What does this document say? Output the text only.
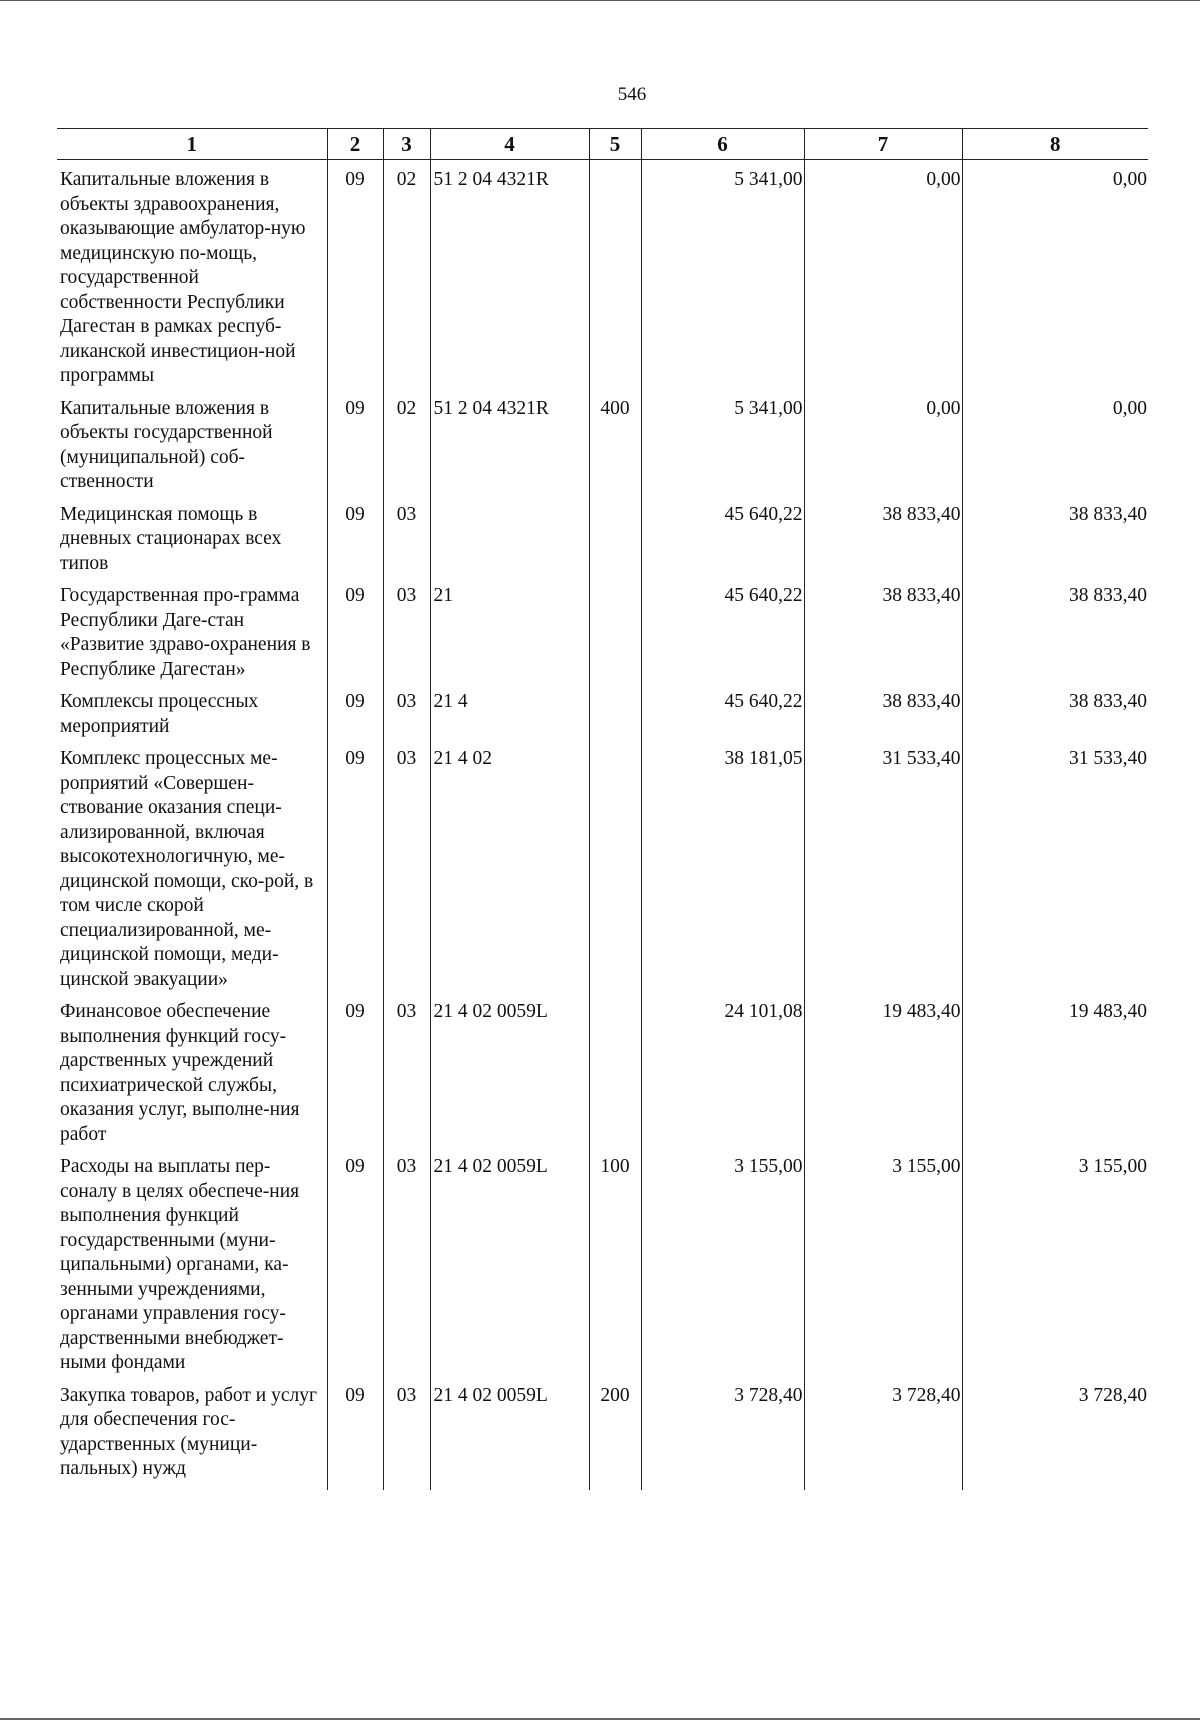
546
1	2	3	4	5	6	7	8
Капитальные вложения в объекты здравоохранения, оказывающие амбулатор-ную медицинскую по-мощь, государственной собственности Республики Дагестан в рамках респуб-ликанской инвестицион-ной программы	09	02	51 2 04 4321R		5 341,00	0,00	0,00
Капитальные вложения в объекты государственной (муниципальной) соб-ственности	09	02	51 2 04 4321R	400	5 341,00	0,00	0,00
Медицинская помощь в дневных стационарах всех типов	09	03			45 640,22	38 833,40	38 833,40
Государственная про-грамма Республики Даге-стан «Развитие здраво-охранения в Республике Дагестан»	09	03	21		45 640,22	38 833,40	38 833,40
Комплексы процессных мероприятий	09	03	21 4		45 640,22	38 833,40	38 833,40
Комплекс процессных ме-роприятий «Совершен-ствование оказания специ-ализированной, включая высокотехнологичную, ме-дицинской помощи, ско-рой, в том числе скорой специализированной, ме-дицинской помощи, меди-цинской эвакуации»	09	03	21 4 02		38 181,05	31 533,40	31 533,40
Финансовое обеспечение выполнения функций госу-дарственных учреждений психиатрической службы, оказания услуг, выполне-ния работ	09	03	21 4 02 0059L		24 101,08	19 483,40	19 483,40
Расходы на выплаты пер-соналу в целях обеспече-ния выполнения функций государственными (муни-ципальными) органами, ка-зенными учреждениями, органами управления госу-дарственными внебюджет-ными фондами	09	03	21 4 02 0059L	100	3 155,00	3 155,00	3 155,00
Закупка товаров, работ и услуг для обеспечения гос-ударственных (муници-пальных) нужд	09	03	21 4 02 0059L	200	3 728,40	3 728,40	3 728,40
